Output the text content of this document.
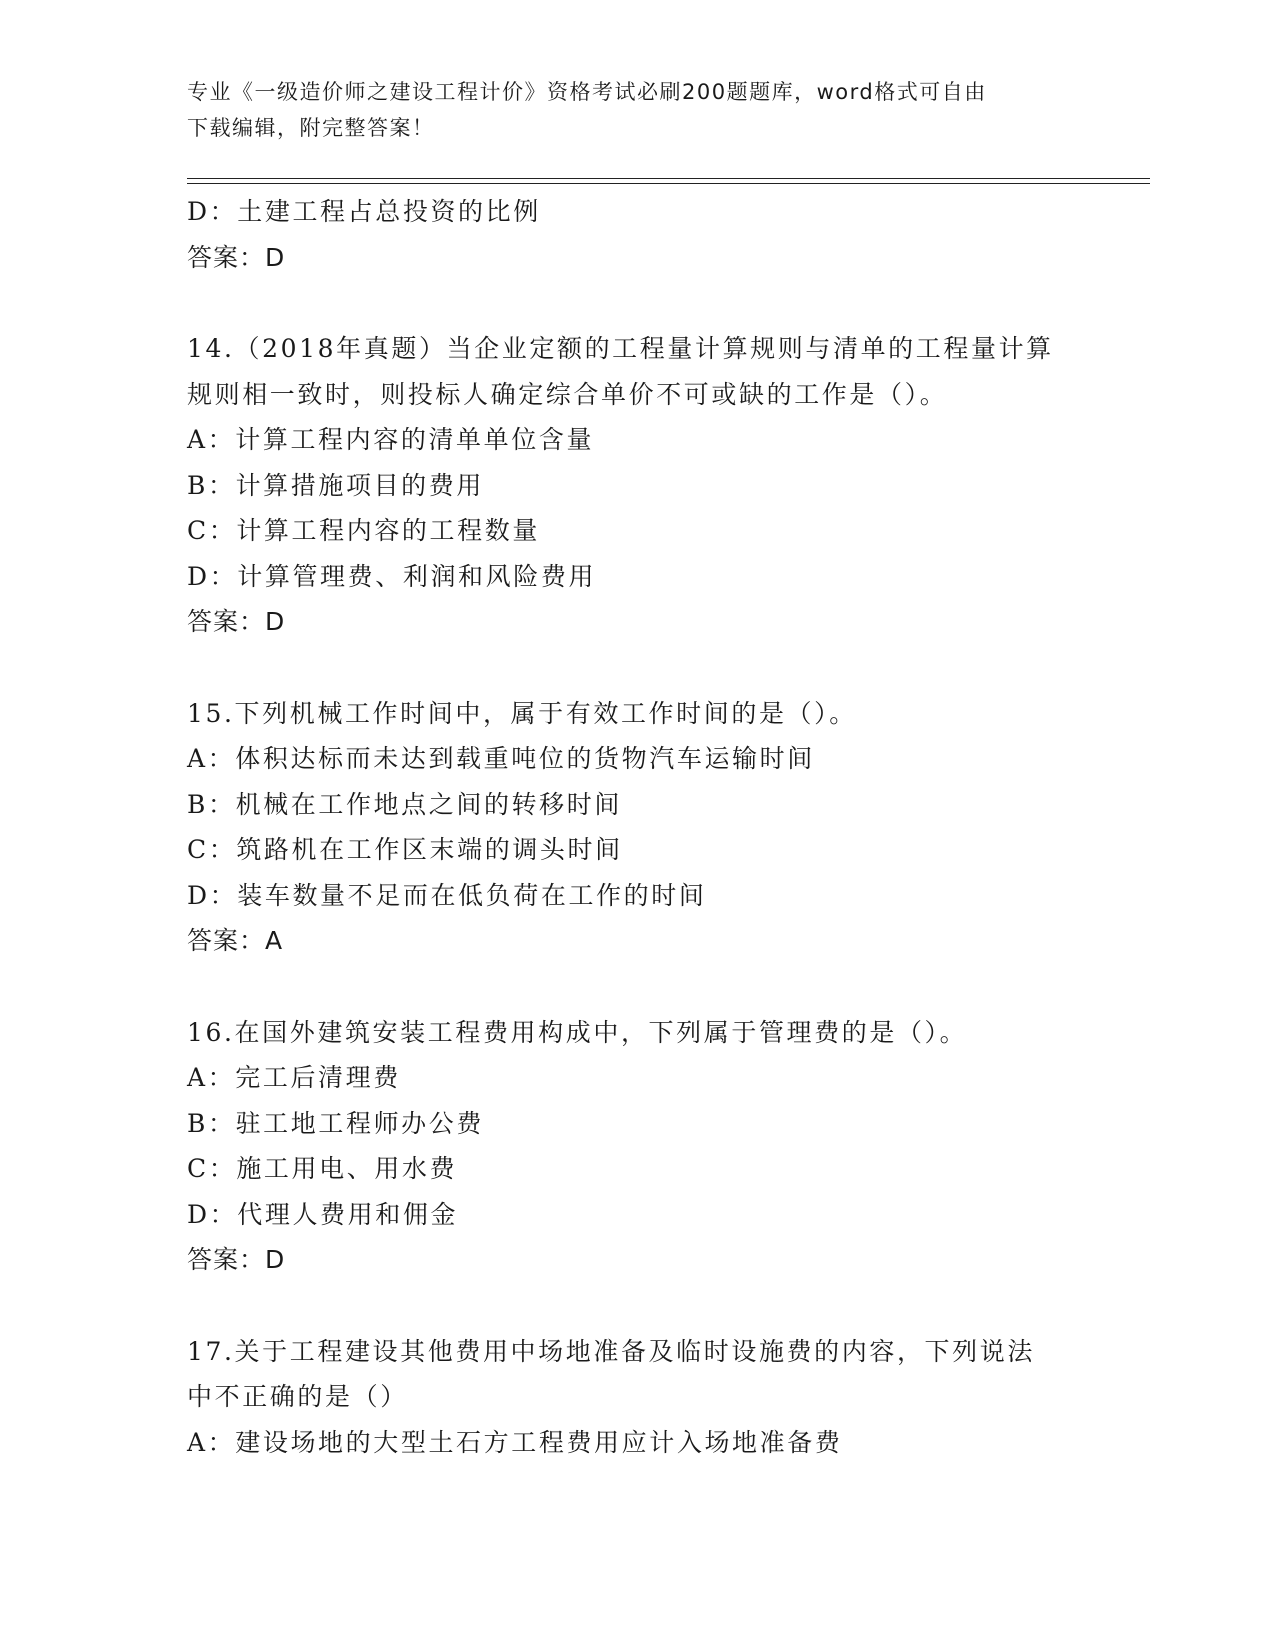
专业《一级造价师之建设工程计价》资格考试必刷200题题库，word格式可自由
下载编辑，附完整答案！
D：土建工程占总投资的比例
答案：D
14.（2018年真题）当企业定额的工程量计算规则与清单的工程量计算
规则相一致时，则投标人确定综合单价不可或缺的工作是（）。
A：计算工程内容的清单单位含量
B：计算措施项目的费用
C：计算工程内容的工程数量
D：计算管理费、利润和风险费用
答案：D
15.下列机械工作时间中，属于有效工作时间的是（）。
A：体积达标而未达到载重吨位的货物汽车运输时间
B：机械在工作地点之间的转移时间
C：筑路机在工作区末端的调头时间
D：装车数量不足而在低负荷在工作的时间
答案：A
16.在国外建筑安装工程费用构成中，下列属于管理费的是（）。
A：完工后清理费
B：驻工地工程师办公费
C：施工用电、用水费
D：代理人费用和佣金
答案：D
17.关于工程建设其他费用中场地准备及临时设施费的内容，下列说法
中不正确的是（）
A：建设场地的大型土石方工程费用应计入场地准备费
